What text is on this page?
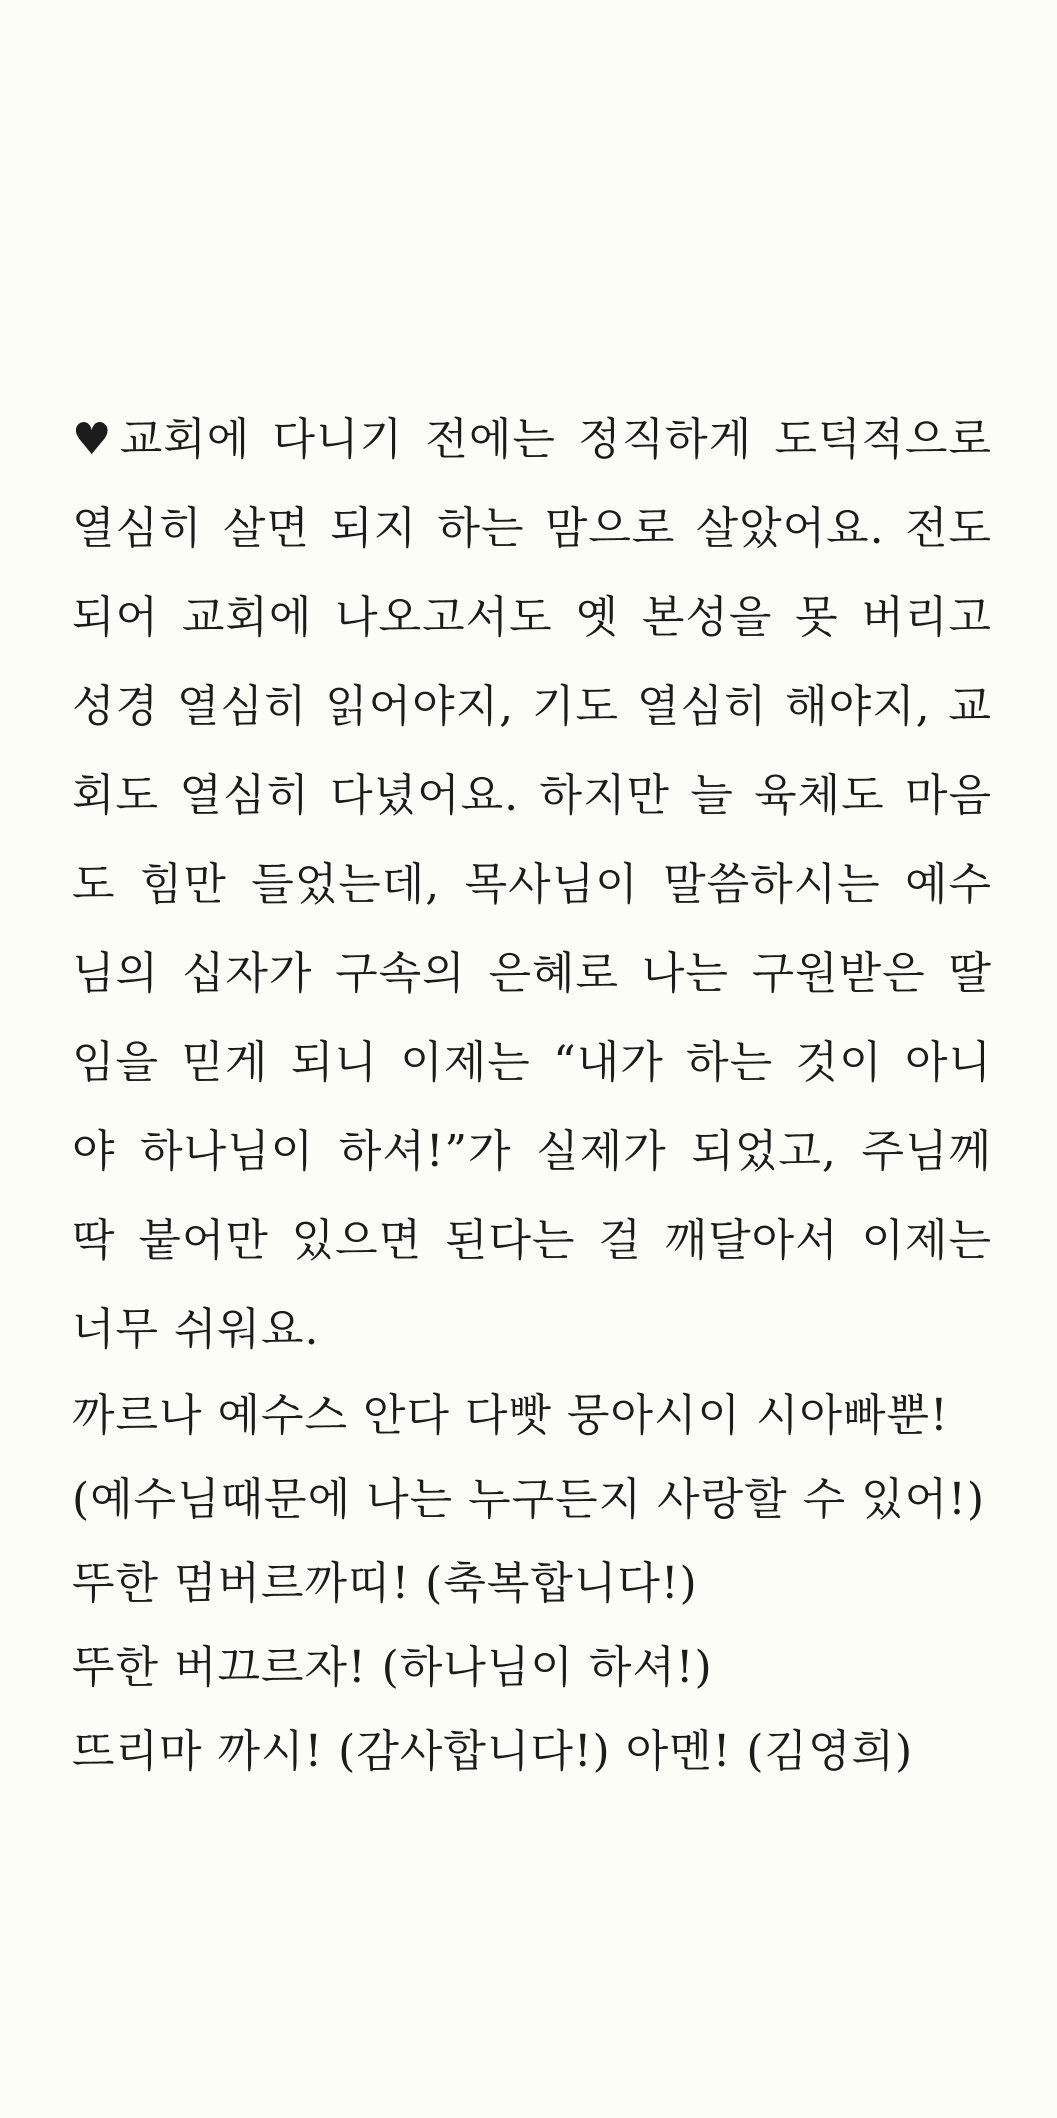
♥교회에 다니기 전에는 정직하게 도덕적으로
열심히 살면 되지 하는 맘으로 살았어요. 전도
되어 교회에 나오고서도 옛 본성을 못 버리고
성경 열심히 읽어야지, 기도 열심히 해야지, 교
회도 열심히 다녔어요. 하지만 늘 육체도 마음
도 힘만 들었는데, 목사님이 말씀하시는 예수
님의 십자가 구속의 은혜로 나는 구원받은 딸
임을 믿게 되니 이제는 “내가 하는 것이 아니
야 하나님이 하셔!”가 실제가 되었고, 주님께
딱 붙어만 있으면 된다는 걸 깨달아서 이제는
너무 쉬워요.
까르나 예수스 안다 다빳 뭉아시이 시아빠뿐!
(예수님때문에 나는 누구든지 사랑할 수 있어!)
뚜한 멈버르까띠! (축복합니다!)
뚜한 버끄르자! (하나님이 하셔!)
뜨리마 까시! (감사합니다!) 아멘! (김영희)
